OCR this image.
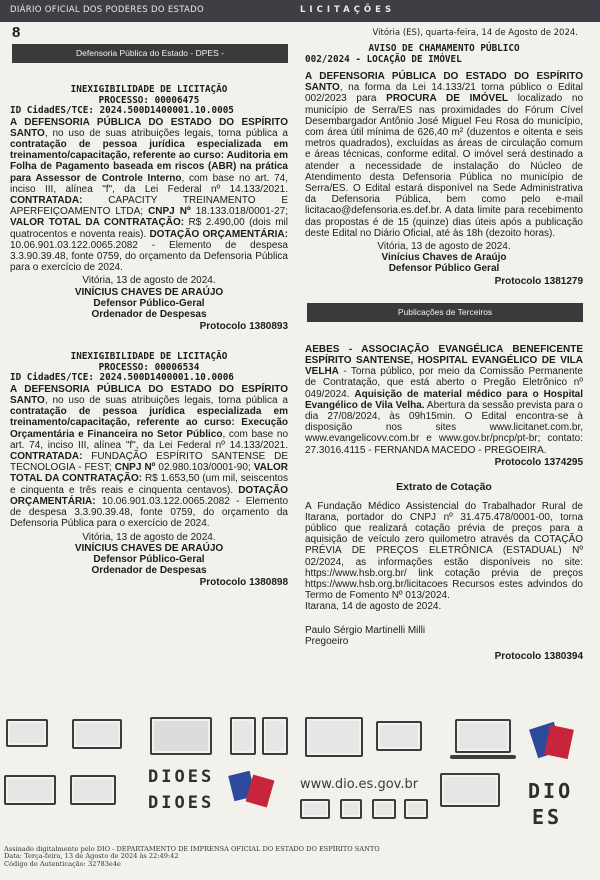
DIÁRIO OFICIAL DOS PODERES DO ESTADO	LICITAÇÕES
8	Vitória (ES), quarta-feira, 14 de Agosto de 2024.
Defensoria Pública do Estado - DPES -
INEXIGIBILIDADE DE LICITAÇÃO
PROCESSO: 00006475
ID CidadES/TCE: 2024.500D1400001.10.0005
A DEFENSORIA PÚBLICA DO ESTADO DO ESPÍRITO SANTO, no uso de suas atribuições legais, torna pública a contratação de pessoa jurídica especializada em treinamento/capacitação, referente ao curso: Auditoria em Folha de Pagamento baseada em riscos (ABR) na prática para Assessor de Controle Interno, com base no art. 74, inciso III, alínea "f", da Lei Federal nº 14.133/2021. CONTRATADA: CAPACITY TREINAMENTO E APERFEIÇOAMENTO LTDA; CNPJ Nº 18.133.018/0001-27; VALOR TOTAL DA CONTRATAÇÃO: R$ 2.490,00 (dois mil quatrocentos e noventa reais). DOTAÇÃO ORÇAMENTÁRIA: 10.06.901.03.122.0065.2082 - Elemento de despesa 3.3.90.39.48, fonte 0759, do orçamento da Defensoria Pública para o exercício de 2024.
Vitória, 13 de agosto de 2024.
VINÍCIUS CHAVES DE ARAÚJO
Defensor Público-Geral
Ordenador de Despesas
Protocolo 1380893
INEXIGIBILIDADE DE LICITAÇÃO
PROCESSO: 00006534
ID CidadES/TCE: 2024.500D1400001.10.0006
A DEFENSORIA PÚBLICA DO ESTADO DO ESPÍRITO SANTO, no uso de suas atribuições legais, torna pública a contratação de pessoa jurídica especializada em treinamento/capacitação, referente ao curso: Execução Orçamentária e Financeira no Setor Público, com base no art. 74, inciso III, alínea "f", da Lei Federal nº 14.133/2021. CONTRATADA: FUNDAÇÃO ESPÍRITO SANTENSE DE TECNOLOGIA - FEST; CNPJ Nº 02.980.103/0001-90; VALOR TOTAL DA CONTRATAÇÃO: R$ 1.653,50 (um mil, seiscentos e cinquenta e três reais e cinquenta centavos). DOTAÇÃO ORÇAMENTÁRIA: 10.06.901.03.122.0065.2082 - Elemento de despesa 3.3.90.39.48, fonte 0759, do orçamento da Defensoria Pública para o exercício de 2024.
Vitória, 13 de agosto de 2024.
VINÍCIUS CHAVES DE ARAÚJO
Defensor Público-Geral
Ordenador de Despesas
Protocolo 1380898
AVISO DE CHAMAMENTO PÚBLICO
002/2024 - LOCAÇÃO DE IMÓVEL
A DEFENSORIA PÚBLICA DO ESTADO DO ESPÍRITO SANTO, na forma da Lei 14.133/21 torna público o Edital 002/2023 para PROCURA DE IMÓVEL localizado no município de Serra/ES nas proximidades do Fórum Cível Desembargador Antônio José Miguel Feu Rosa do município, com área útil mínima de 626,40 m² (duzentos e oitenta e seis metros quadrados), excluídas as áreas de circulação comum e áreas técnicas, conforme edital. O imóvel será destinado a atender a necessidade de instalação do Núcleo de Atendimento desta Defensoria Pública no município de Serra/ES. O Edital estará disponível na Sede Administrativa da Defensoria Pública, bem como pelo e-mail licitacao@defensoria.es.def.br. A data limite para recebimento das propostas é de 15 (quinze) dias úteis após a publicação deste Edital no Diário Oficial, até às 18h (dezoito horas).
Vitória, 13 de agosto de 2024.
Vinícius Chaves de Araújo
Defensor Público Geral
Protocolo 1381279
Publicações de Terceiros
AEBES - ASSOCIAÇÃO EVANGÉLICA BENEFICENTE ESPÍRITO SANTENSE, HOSPITAL EVANGÉLICO DE VILA VELHA - Torna público, por meio da Comissão Permanente de Contratação, que está aberto o Pregão Eletrônico nº 049/2024. Aquisição de material médico para o Hospital Evangélico de Vila Velha. Abertura da sessão prevista para o dia 27/08/2024, às 09h15min. O Edital encontra-se à disposição nos sites www.licitanet.com.br, www.evangelicovv.com.br e www.gov.br/pncp/pt-br; contato: 27.3016.4115 - FERNANDA MACEDO - PREGOEIRA.
Protocolo 1374295
Extrato de Cotação
A Fundação Médico Assistencial do Trabalhador Rural de Itarana, portador do CNPJ nº 31.475.478/0001-00, torna público que realizará cotação prévia de preços para a aquisição de veículo zero quilometro através da COTAÇÃO PRÉVIA DE PREÇOS ELETRÔNICA (ESTADUAL) Nº 02/2024, as informações estão disponíveis no site: https://www.hsb.org.br/ link cotação prévia de preços https://www.hsb.org.br/licitacoes Recursos estes advindos do Termo de Fomento Nº 013/2024.
Itarana, 14 de agosto de 2024.
Paulo Sérgio Martinelli Milli
Pregoeiro
Protocolo 1380394
DIOES
DIOES
www.dio.es.gov.br	DIO
ES
Assinado digitalmente pelo DIO - DEPARTAMENTO DE IMPRENSA OFICIAL DO ESTADO DO ESPÍRITO SANTO
Data: Terça-feira, 13 de Agosto de 2024 às 22:49:42
Código de Autenticação: 32783e4e
